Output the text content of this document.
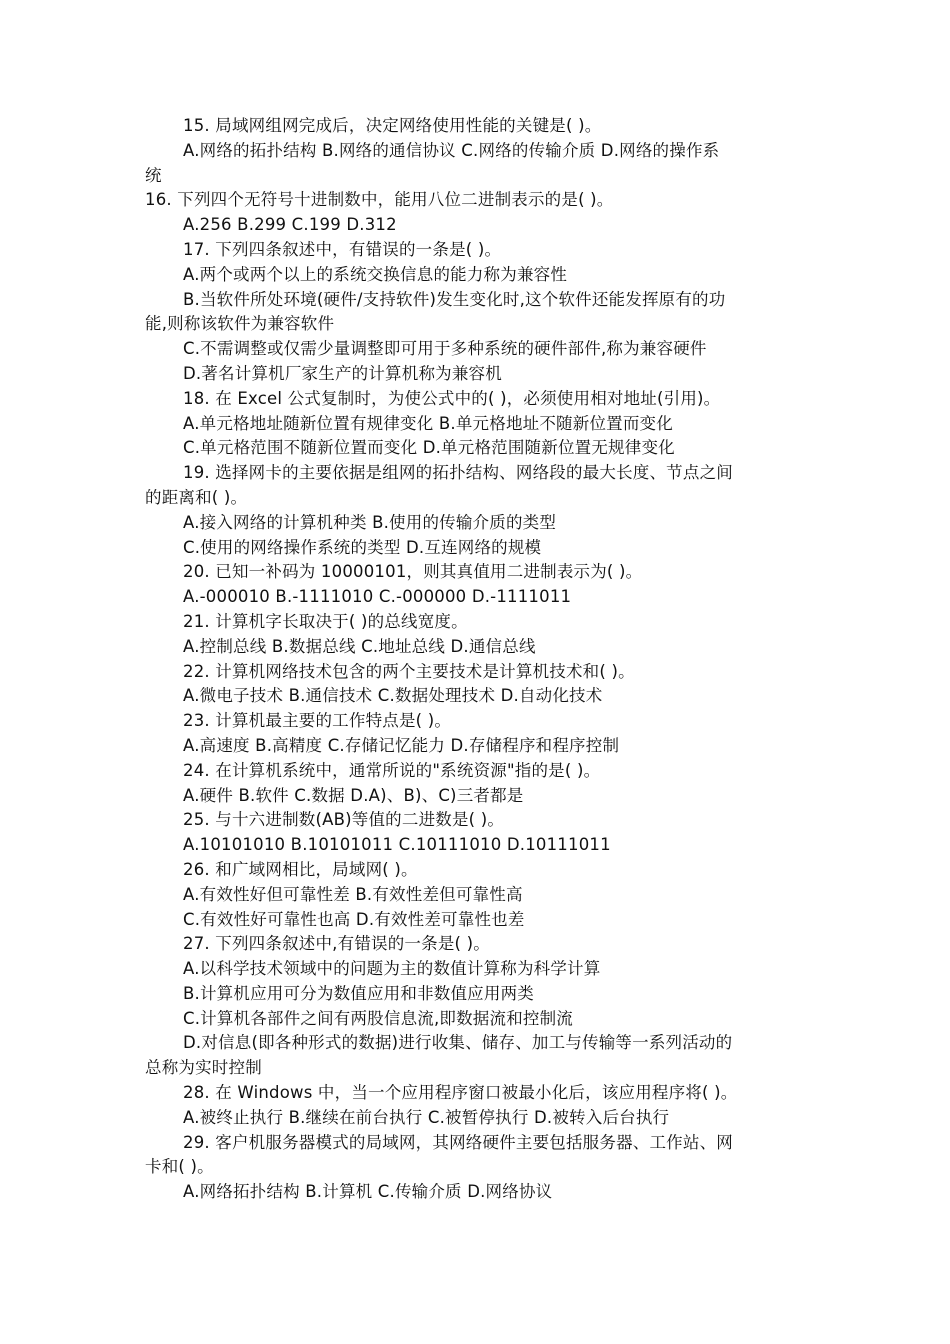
15. 局域网组网完成后，决定网络使用性能的关键是( )。
A.网络的拓扑结构 B.网络的通信协议 C.网络的传输介质 D.网络的操作系
统
16. 下列四个无符号十进制数中，能用八位二进制表示的是( )。
A.256 B.299 C.199 D.312
17. 下列四条叙述中，有错误的一条是( )。
A.两个或两个以上的系统交换信息的能力称为兼容性
B.当软件所处环境(硬件/支持软件)发生变化时,这个软件还能发挥原有的功
能,则称该软件为兼容软件
C.不需调整或仅需少量调整即可用于多种系统的硬件部件,称为兼容硬件
D.著名计算机厂家生产的计算机称为兼容机
18. 在 Excel 公式复制时，为使公式中的( )，必须使用相对地址(引用)。
A.单元格地址随新位置有规律变化 B.单元格地址不随新位置而变化
C.单元格范围不随新位置而变化 D.单元格范围随新位置无规律变化
19. 选择网卡的主要依据是组网的拓扑结构、网络段的最大长度、节点之间
的距离和( )。
A.接入网络的计算机种类 B.使用的传输介质的类型
C.使用的网络操作系统的类型 D.互连网络的规模
20. 已知一补码为 10000101，则其真值用二进制表示为( )。
A.-000010 B.-1111010 C.-000000 D.-1111011
21. 计算机字长取决于( )的总线宽度。
A.控制总线 B.数据总线 C.地址总线 D.通信总线
22. 计算机网络技术包含的两个主要技术是计算机技术和( )。
A.微电子技术 B.通信技术 C.数据处理技术 D.自动化技术
23. 计算机最主要的工作特点是( )。
A.高速度 B.高精度 C.存储记忆能力 D.存储程序和程序控制
24. 在计算机系统中，通常所说的"系统资源"指的是( )。
A.硬件 B.软件 C.数据 D.A)、B)、C)三者都是
25. 与十六进制数(AB)等值的二进数是( )。
A.10101010 B.10101011 C.10111010 D.10111011
26. 和广域网相比，局域网( )。
A.有效性好但可靠性差 B.有效性差但可靠性高
C.有效性好可靠性也高 D.有效性差可靠性也差
27. 下列四条叙述中,有错误的一条是( )。
A.以科学技术领域中的问题为主的数值计算称为科学计算
B.计算机应用可分为数值应用和非数值应用两类
C.计算机各部件之间有两股信息流,即数据流和控制流
D.对信息(即各种形式的数据)进行收集、储存、加工与传输等一系列活动的
总称为实时控制
28. 在 Windows 中，当一个应用程序窗口被最小化后，该应用程序将( )。
A.被终止执行 B.继续在前台执行 C.被暂停执行 D.被转入后台执行
29. 客户机服务器模式的局域网，其网络硬件主要包括服务器、工作站、网
卡和( )。
A.网络拓扑结构 B.计算机 C.传输介质 D.网络协议
